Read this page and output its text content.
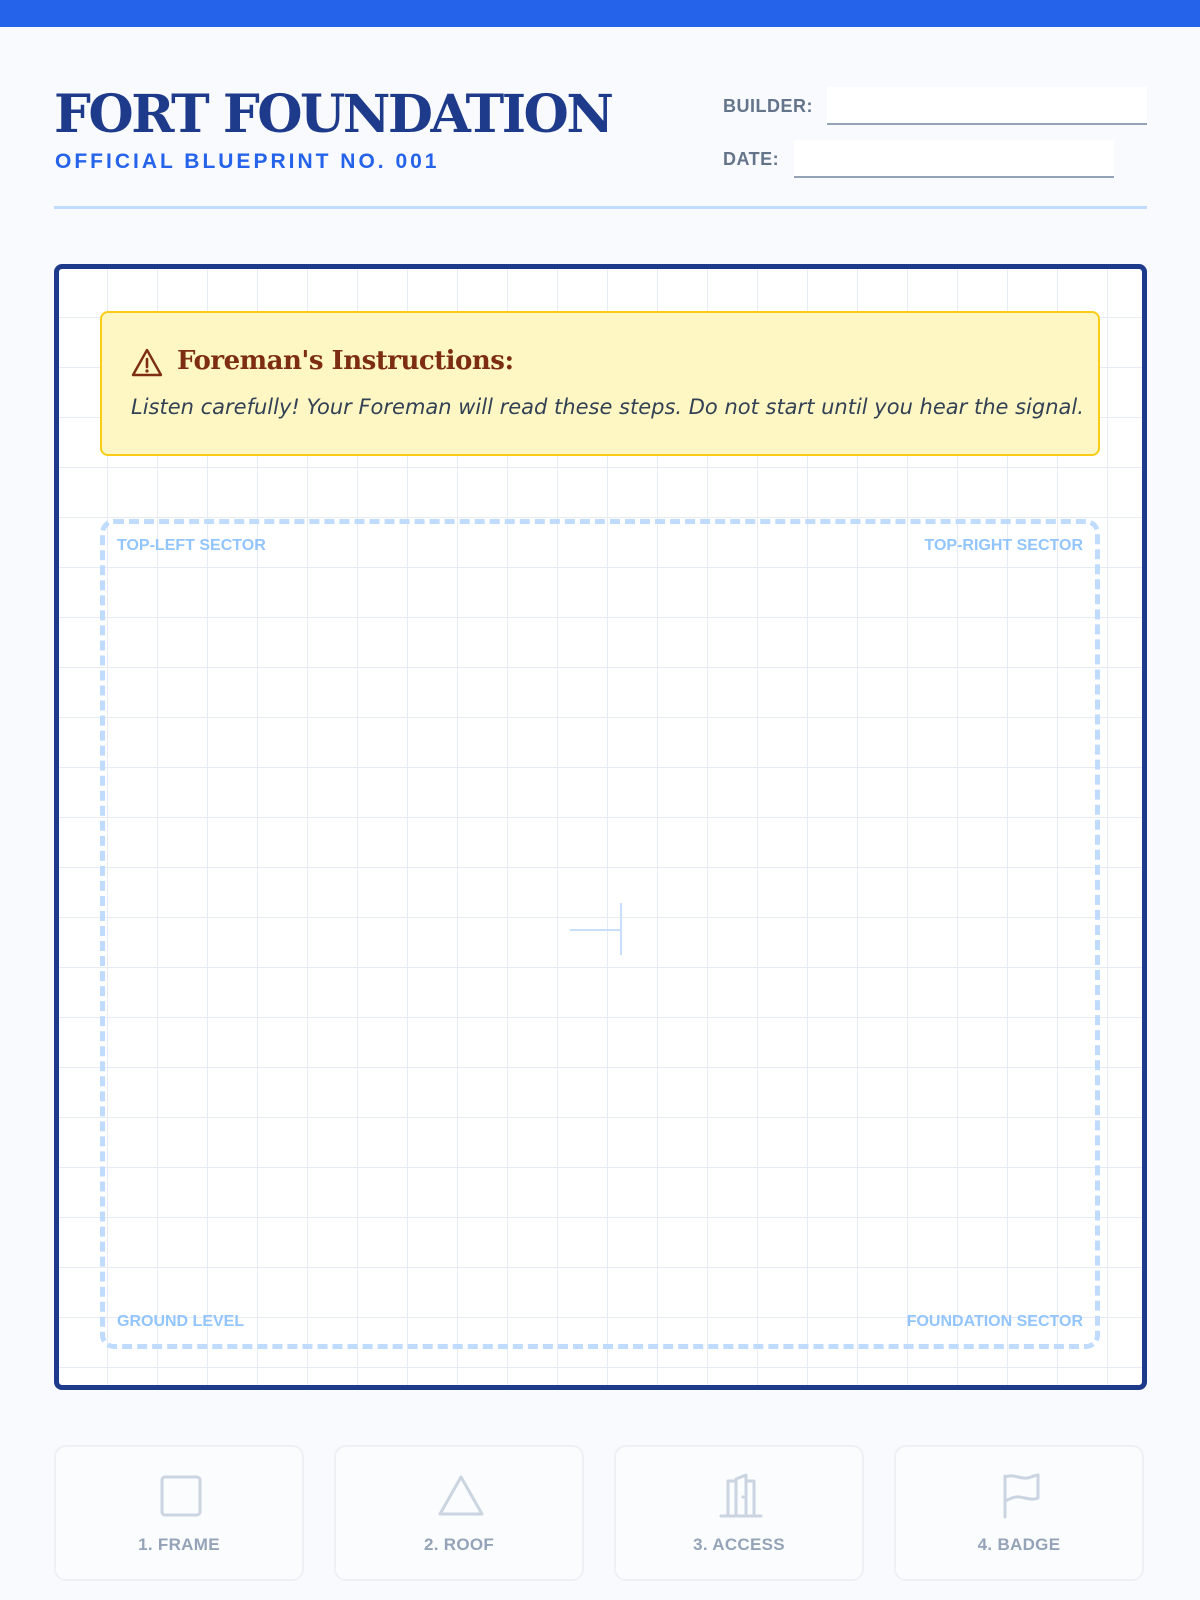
FORT FOUNDATION
OFFICIAL BLUEPRINT NO. 001
BUILDER:
DATE:
Foreman's Instructions:
Listen carefully! Your Foreman will read these steps. Do not start until you hear the signal.
TOP-LEFT SECTOR	TOP-RIGHT SECTOR
GROUND LEVEL	FOUNDATION SECTOR
1. FRAME	2. ROOF	3. ACCESS	4. BADGE
